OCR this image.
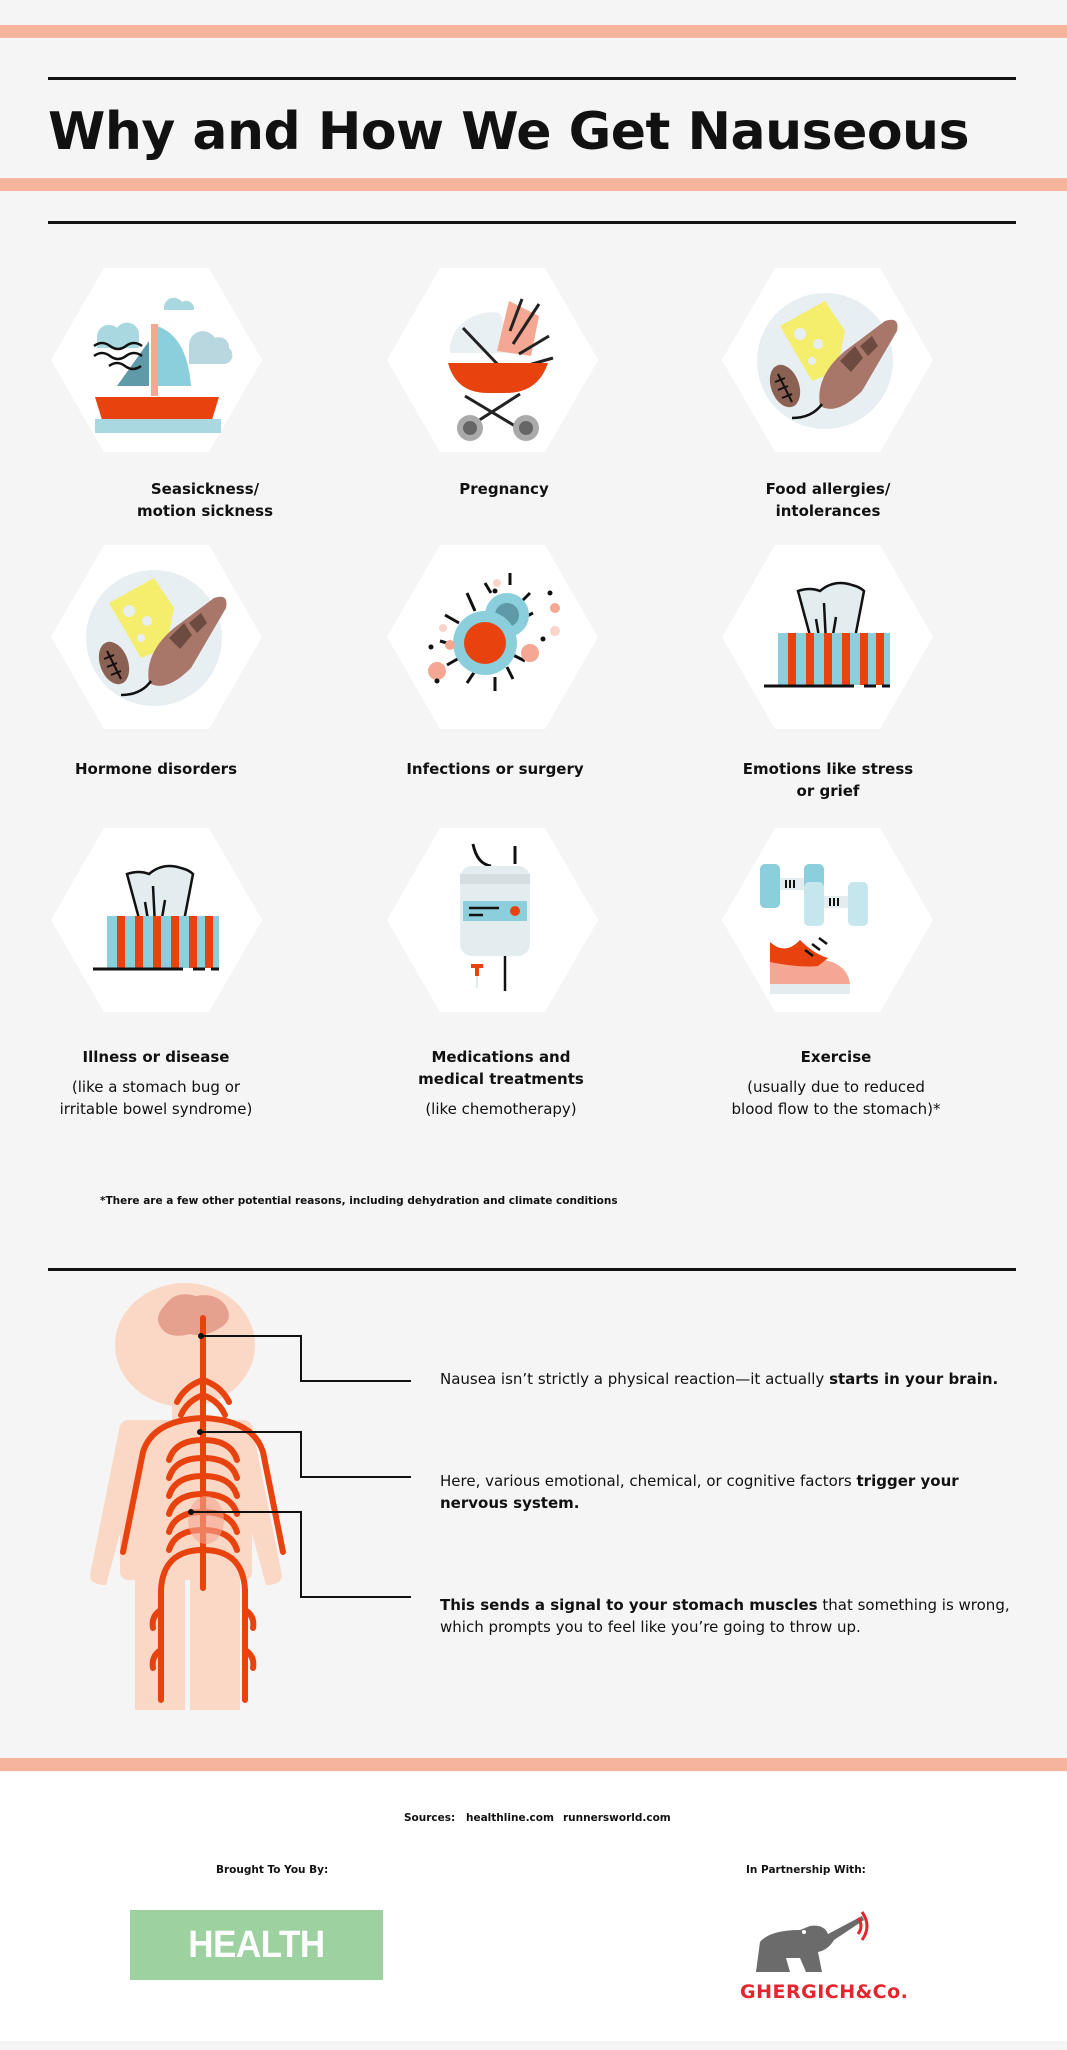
Why and How We Get Nauseous
Seasickness/
motion sickness
Pregnancy	Food allergies/
intolerances
Hormone disorders	Infections or surgery	Emotions like stress
or grief
Illness or disease
(like a stomach bug or
irritable bowel syndrome)
Medications and
medical treatments
(like chemotherapy)
Exercise
(usually due to reduced
blood flow to the stomach)*
*There are a few other potential reasons, including dehydration and climate conditions
Nausea isn’t strictly a physical reaction—it actually starts in your brain.
Here, various emotional, chemical, or cognitive factors trigger your nervous system.
This sends a signal to your stomach muscles that something is wrong, which prompts you to feel like you’re going to throw up.
Sources: healthline.com runnersworld.com
Brought To You By:	In Partnership With:
HEALTH PERCH
GHERGICH&Co.
